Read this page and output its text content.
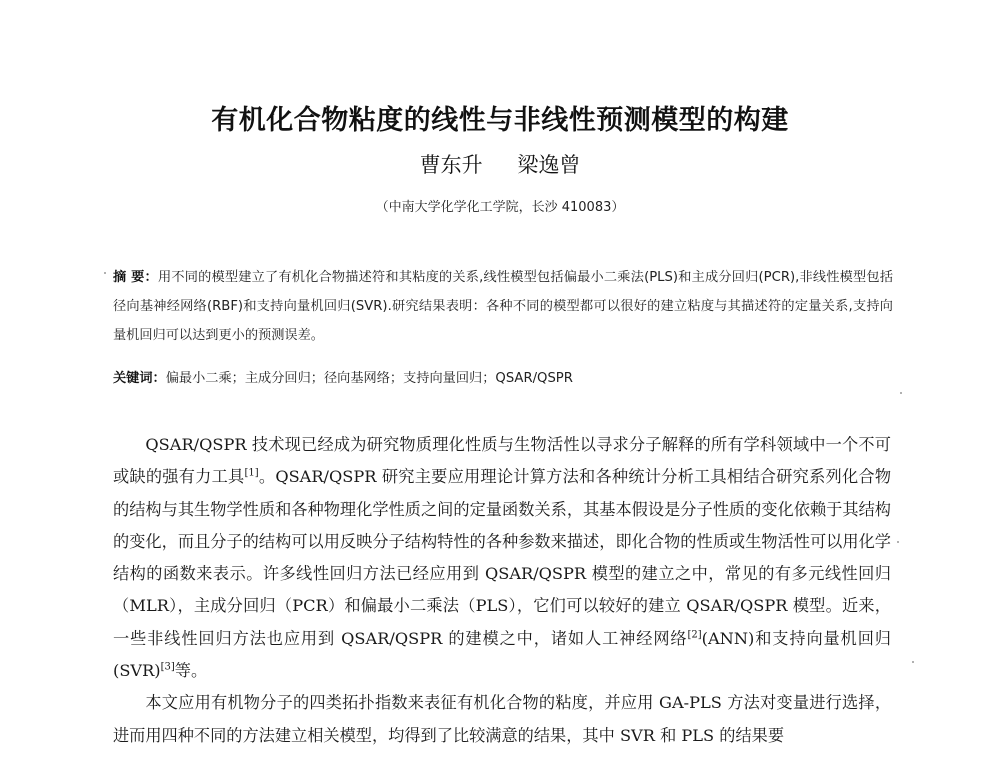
有机化合物粘度的线性与非线性预测模型的构建
曹东升 梁逸曾
（中南大学化学化工学院，长沙 410083）
摘 要：用不同的模型建立了有机化合物描述符和其粘度的关系,线性模型包括偏最小二乘法(PLS)和主成分回归(PCR),非线性模型包括径向基神经网络(RBF)和支持向量机回归(SVR).研究结果表明：各种不同的模型都可以很好的建立粘度与其描述符的定量关系,支持向量机回归可以达到更小的预测误差。
关键词：偏最小二乘；主成分回归；径向基网络；支持向量回归；QSAR/QSPR

QSAR/QSPR 技术现已经成为研究物质理化性质与生物活性以寻求分子解释的所有学科领域中一个不可或缺的强有力工具[1]。QSAR/QSPR 研究主要应用理论计算方法和各种统计分析工具相结合研究系列化合物的结构与其生物学性质和各种物理化学性质之间的定量函数关系，其基本假设是分子性质的变化依赖于其结构的变化，而且分子的结构可以用反映分子结构特性的各种参数来描述，即化合物的性质或生物活性可以用化学结构的函数来表示。许多线性回归方法已经应用到 QSAR/QSPR 模型的建立之中，常见的有多元线性回归（MLR），主成分回归（PCR）和偏最小二乘法（PLS），它们可以较好的建立 QSAR/QSPR 模型。近来，一些非线性回归方法也应用到 QSAR/QSPR 的建模之中，诸如人工神经网络[2](ANN)和支持向量机回归(SVR)[3]等。

本文应用有机物分子的四类拓扑指数来表征有机化合物的粘度，并应用 GA-PLS 方法对变量进行选择，进而用四种不同的方法建立相关模型，均得到了比较满意的结果，其中 SVR 和 PLS 的结果要
